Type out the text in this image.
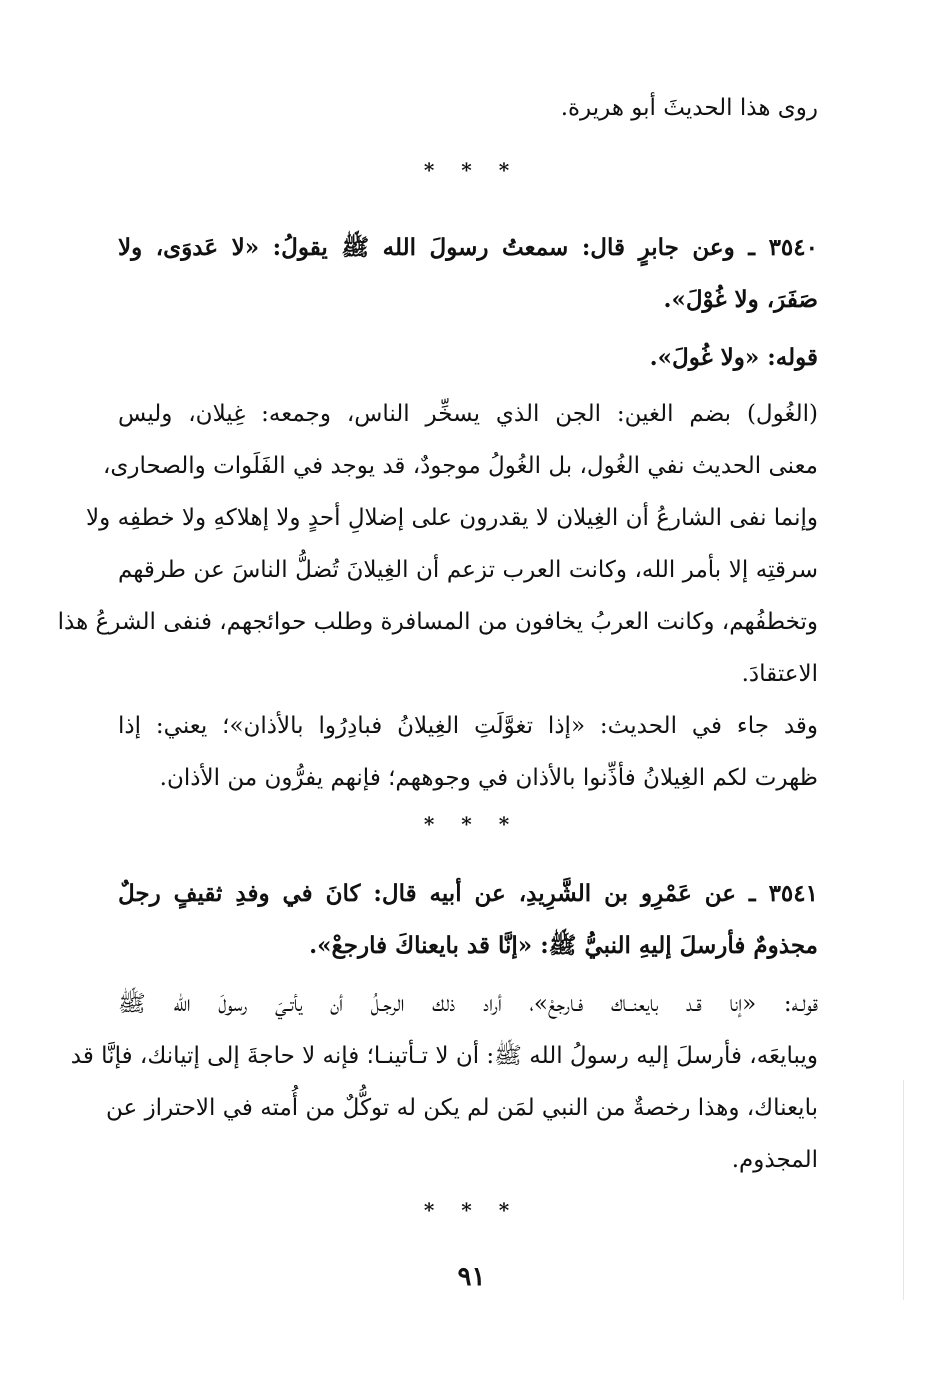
روى هذا الحديثَ أبو هريرة.

* * *

٣٥٤٠ ـ وعن جابرٍ قال: سمعتُ رسولَ الله ﷺ يقولُ: «لا عَدوَى، ولا
صَفَرَ، ولا غُوْلَ».

قوله: «ولا غُولَ».

(الغُول) بضم الغين: الجن الذي يسخِّر الناس، وجمعه: غِيلان، وليس
معنى الحديث نفي الغُول، بل الغُولُ موجودٌ، قد يوجد في الفَلَوات والصحارى،
وإنما نفى الشارعُ أن الغِيلان لا يقدرون على إضلالِ أحدٍ ولا إهلاكهِ ولا خطفِه ولا
سرقتِه إلا بأمر الله، وكانت العرب تزعم أن الغِيلانَ تُضلُّ الناسَ عن طرقهم
وتخطفُهم، وكانت العربُ يخافون من المسافرة وطلب حوائجهم، فنفى الشرعُ هذا
الاعتقادَ.

وقد جاء في الحديث: «إذا تغوَّلَتِ الغِيلانُ فبادِرُوا بالأذان»؛ يعني: إذا
ظهرت لكم الغِيلانُ فأذِّنوا بالأذان في وجوههم؛ فإنهم يفرُّون من الأذان.

* * *

٣٥٤١ ـ عن عَمْرِو بن الشَّرِيدِ، عن أبيه قال: كانَ في وفدِ ثقيفٍ رجلٌ
مجذومٌ فأرسلَ إليهِ النبيُّ ﷺ: «إنَّا قد بايعناكَ فارجعْ».

قولـه: «إنا قـد بايعنــاك فـارجعْ»، أراد ذلك الرجـلُ أن يأتـيَ رسولَ الله ﷺ
ويبايعَه، فأرسلَ إليه رسولُ الله ﷺ: أن لا تـأتينـا؛ فإنه لا حاجةَ إلى إتيانك، فإنَّا قد
بايعناك، وهذا رخصةٌ من النبي لمَن لم يكن له توكُّلٌ من أُمته في الاحتراز عن
المجذوم.

* * *
٩١
